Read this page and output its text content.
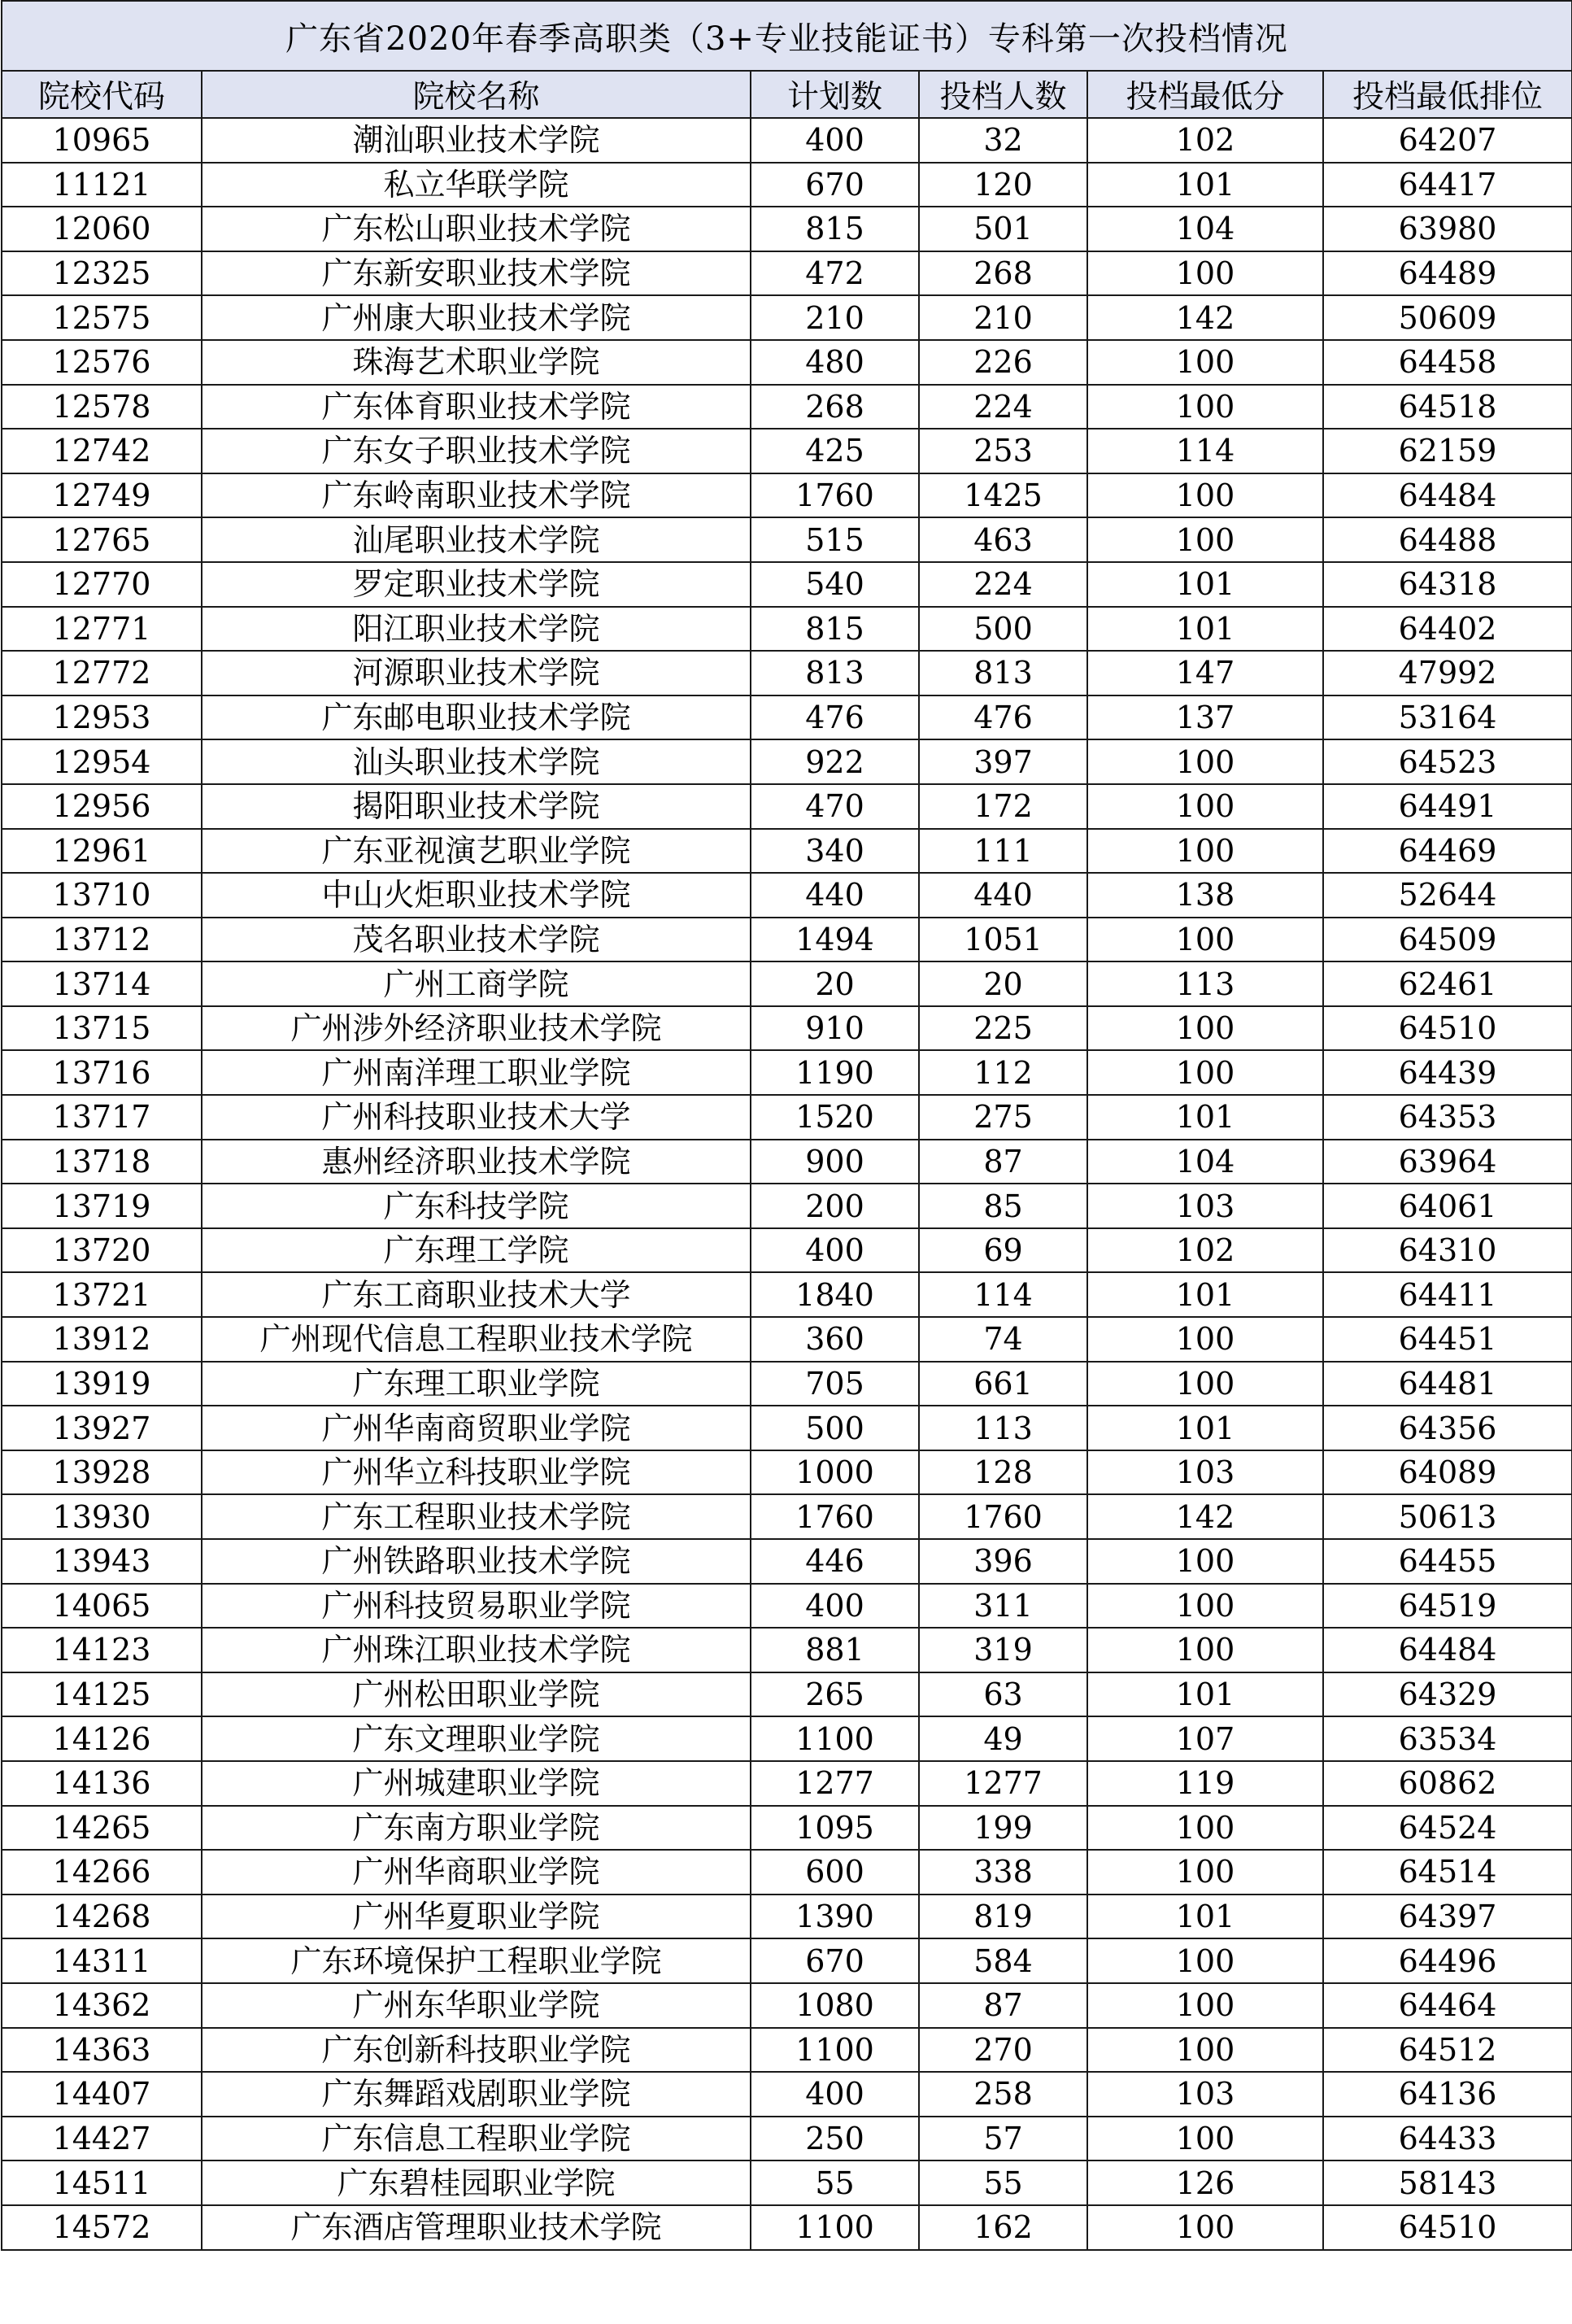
广东省2020年春季高职类（3+专业技能证书）专科第一次投档情况					
院校代码	院校名称	计划数	投档人数	投档最低分	投档最低排位
10965	潮汕职业技术学院	400	32	102	64207
11121	私立华联学院	670	120	101	64417
12060	广东松山职业技术学院	815	501	104	63980
12325	广东新安职业技术学院	472	268	100	64489
12575	广州康大职业技术学院	210	210	142	50609
12576	珠海艺术职业学院	480	226	100	64458
12578	广东体育职业技术学院	268	224	100	64518
12742	广东女子职业技术学院	425	253	114	62159
12749	广东岭南职业技术学院	1760	1425	100	64484
12765	汕尾职业技术学院	515	463	100	64488
12770	罗定职业技术学院	540	224	101	64318
12771	阳江职业技术学院	815	500	101	64402
12772	河源职业技术学院	813	813	147	47992
12953	广东邮电职业技术学院	476	476	137	53164
12954	汕头职业技术学院	922	397	100	64523
12956	揭阳职业技术学院	470	172	100	64491
12961	广东亚视演艺职业学院	340	111	100	64469
13710	中山火炬职业技术学院	440	440	138	52644
13712	茂名职业技术学院	1494	1051	100	64509
13714	广州工商学院	20	20	113	62461
13715	广州涉外经济职业技术学院	910	225	100	64510
13716	广州南洋理工职业学院	1190	112	100	64439
13717	广州科技职业技术大学	1520	275	101	64353
13718	惠州经济职业技术学院	900	87	104	63964
13719	广东科技学院	200	85	103	64061
13720	广东理工学院	400	69	102	64310
13721	广东工商职业技术大学	1840	114	101	64411
13912	广州现代信息工程职业技术学院	360	74	100	64451
13919	广东理工职业学院	705	661	100	64481
13927	广州华南商贸职业学院	500	113	101	64356
13928	广州华立科技职业学院	1000	128	103	64089
13930	广东工程职业技术学院	1760	1760	142	50613
13943	广州铁路职业技术学院	446	396	100	64455
14065	广州科技贸易职业学院	400	311	100	64519
14123	广州珠江职业技术学院	881	319	100	64484
14125	广州松田职业学院	265	63	101	64329
14126	广东文理职业学院	1100	49	107	63534
14136	广州城建职业学院	1277	1277	119	60862
14265	广东南方职业学院	1095	199	100	64524
14266	广州华商职业学院	600	338	100	64514
14268	广州华夏职业学院	1390	819	101	64397
14311	广东环境保护工程职业学院	670	584	100	64496
14362	广州东华职业学院	1080	87	100	64464
14363	广东创新科技职业学院	1100	270	100	64512
14407	广东舞蹈戏剧职业学院	400	258	103	64136
14427	广东信息工程职业学院	250	57	100	64433
14511	广东碧桂园职业学院	55	55	126	58143
14572	广东酒店管理职业技术学院	1100	162	100	64510
